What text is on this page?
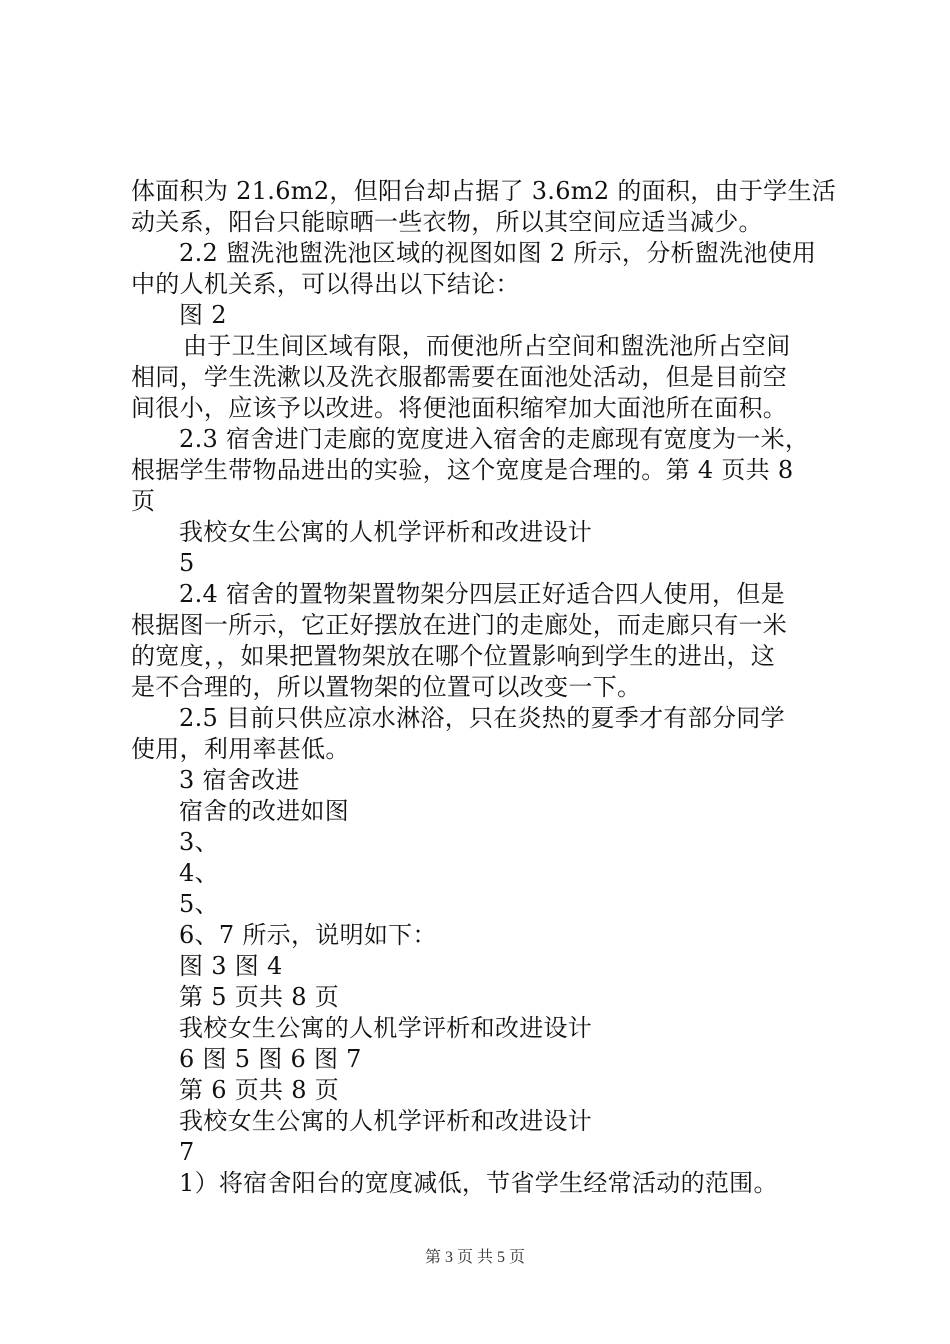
体面积为 21.6m2，但阳台却占据了 3.6m2 的面积，由于学生活
动关系，阳台只能晾晒一些衣物，所以其空间应适当减少。
2.2 盥洗池盥洗池区域的视图如图 2 所示，分析盥洗池使用
中的人机关系，可以得出以下结论：
图 2
由于卫生间区域有限，而便池所占空间和盥洗池所占空间
相同，学生洗漱以及洗衣服都需要在面池处活动，但是目前空
间很小，应该予以改进。将便池面积缩窄加大面池所在面积。
2.3 宿舍进门走廊的宽度进入宿舍的走廊现有宽度为一米，
根据学生带物品进出的实验，这个宽度是合理的。第 4 页共 8
页
我校女生公寓的人机学评析和改进设计
5
2.4 宿舍的置物架置物架分四层正好适合四人使用，但是
根据图一所示，它正好摆放在进门的走廊处，而走廊只有一米
的宽度，，如果把置物架放在哪个位置影响到学生的进出，这
是不合理的，所以置物架的位置可以改变一下。
2.5 目前只供应凉水淋浴，只在炎热的夏季才有部分同学
使用，利用率甚低。
3 宿舍改进
宿舍的改进如图
3、
4、
5、
6、7 所示，说明如下：
图 3 图 4
第 5 页共 8 页
我校女生公寓的人机学评析和改进设计
6 图 5 图 6 图 7
第 6 页共 8 页
我校女生公寓的人机学评析和改进设计
7
1）将宿舍阳台的宽度减低，节省学生经常活动的范围。
第 3 页 共 5 页
